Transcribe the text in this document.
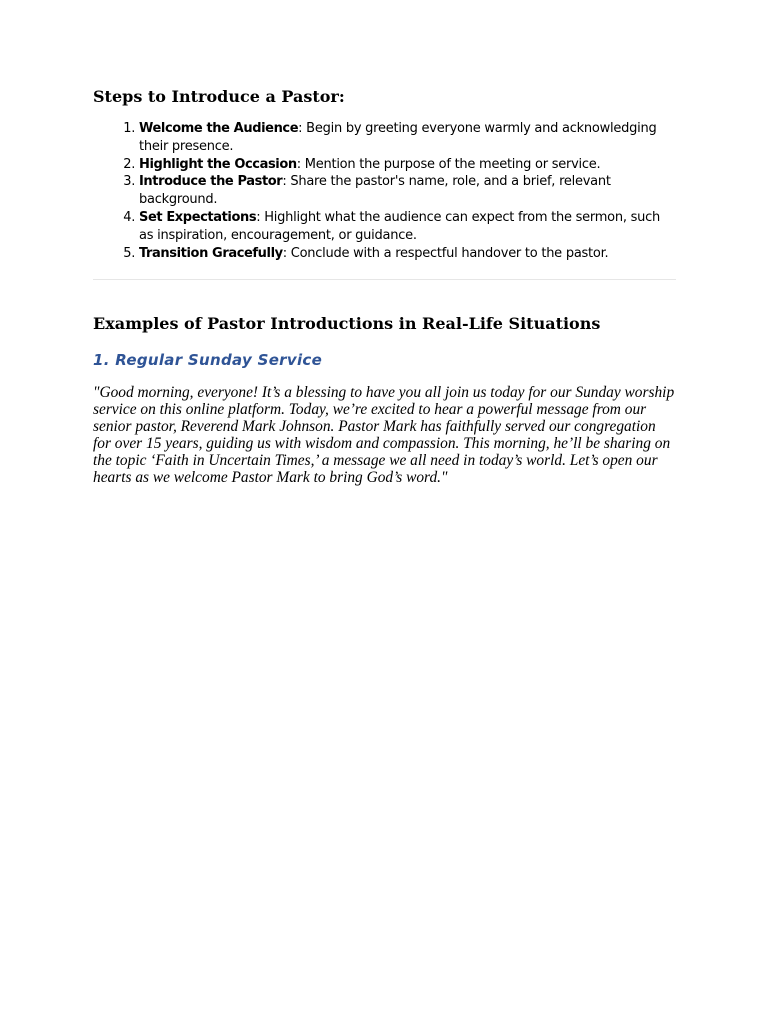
Steps to Introduce a Pastor:
1. Welcome the Audience: Begin by greeting everyone warmly and acknowledging their presence.
2. Highlight the Occasion: Mention the purpose of the meeting or service.
3. Introduce the Pastor: Share the pastor's name, role, and a brief, relevant background.
4. Set Expectations: Highlight what the audience can expect from the sermon, such as inspiration, encouragement, or guidance.
5. Transition Gracefully: Conclude with a respectful handover to the pastor.
Examples of Pastor Introductions in Real-Life Situations
1. Regular Sunday Service

"Good morning, everyone! It’s a blessing to have you all join us today for our Sunday worship service on this online platform. Today, we’re excited to hear a powerful message from our senior pastor, Reverend Mark Johnson. Pastor Mark has faithfully served our congregation for over 15 years, guiding us with wisdom and compassion. This morning, he’ll be sharing on the topic ‘Faith in Uncertain Times,’ a message we all need in today’s world. Let’s open our hearts as we welcome Pastor Mark to bring God’s word."
